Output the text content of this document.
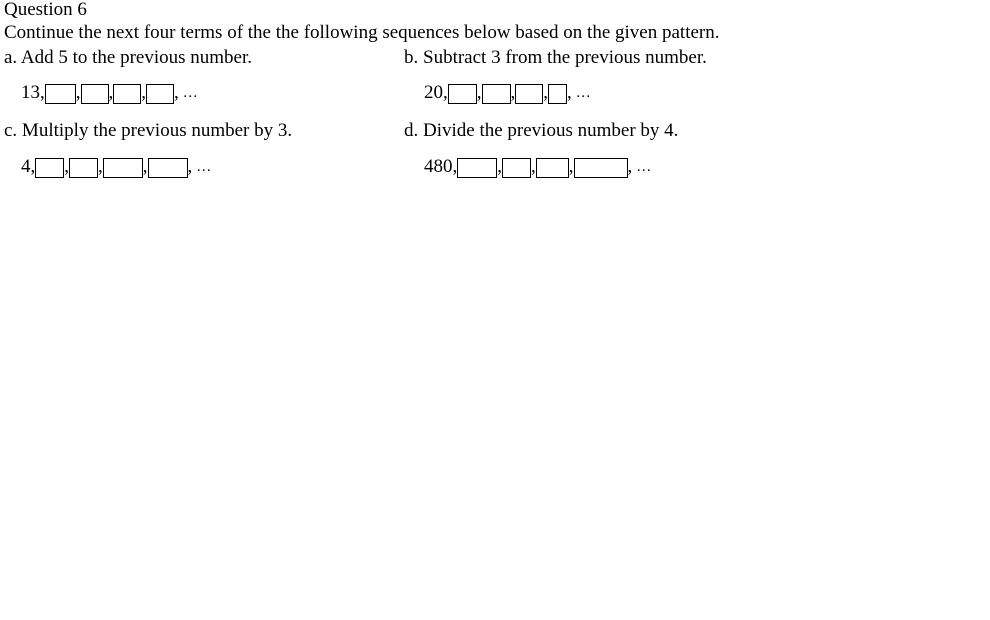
Question 6
Continue the next four terms of the the following sequences below based on the given pattern.
a. Add 5 to the previous number.
13, , , , , …
b. Subtract 3 from the previous number.
20, , , , , …
c. Multiply the previous number by 3.
4, , , , , …
d. Divide the previous number by 4.
480, , , ,	, …
